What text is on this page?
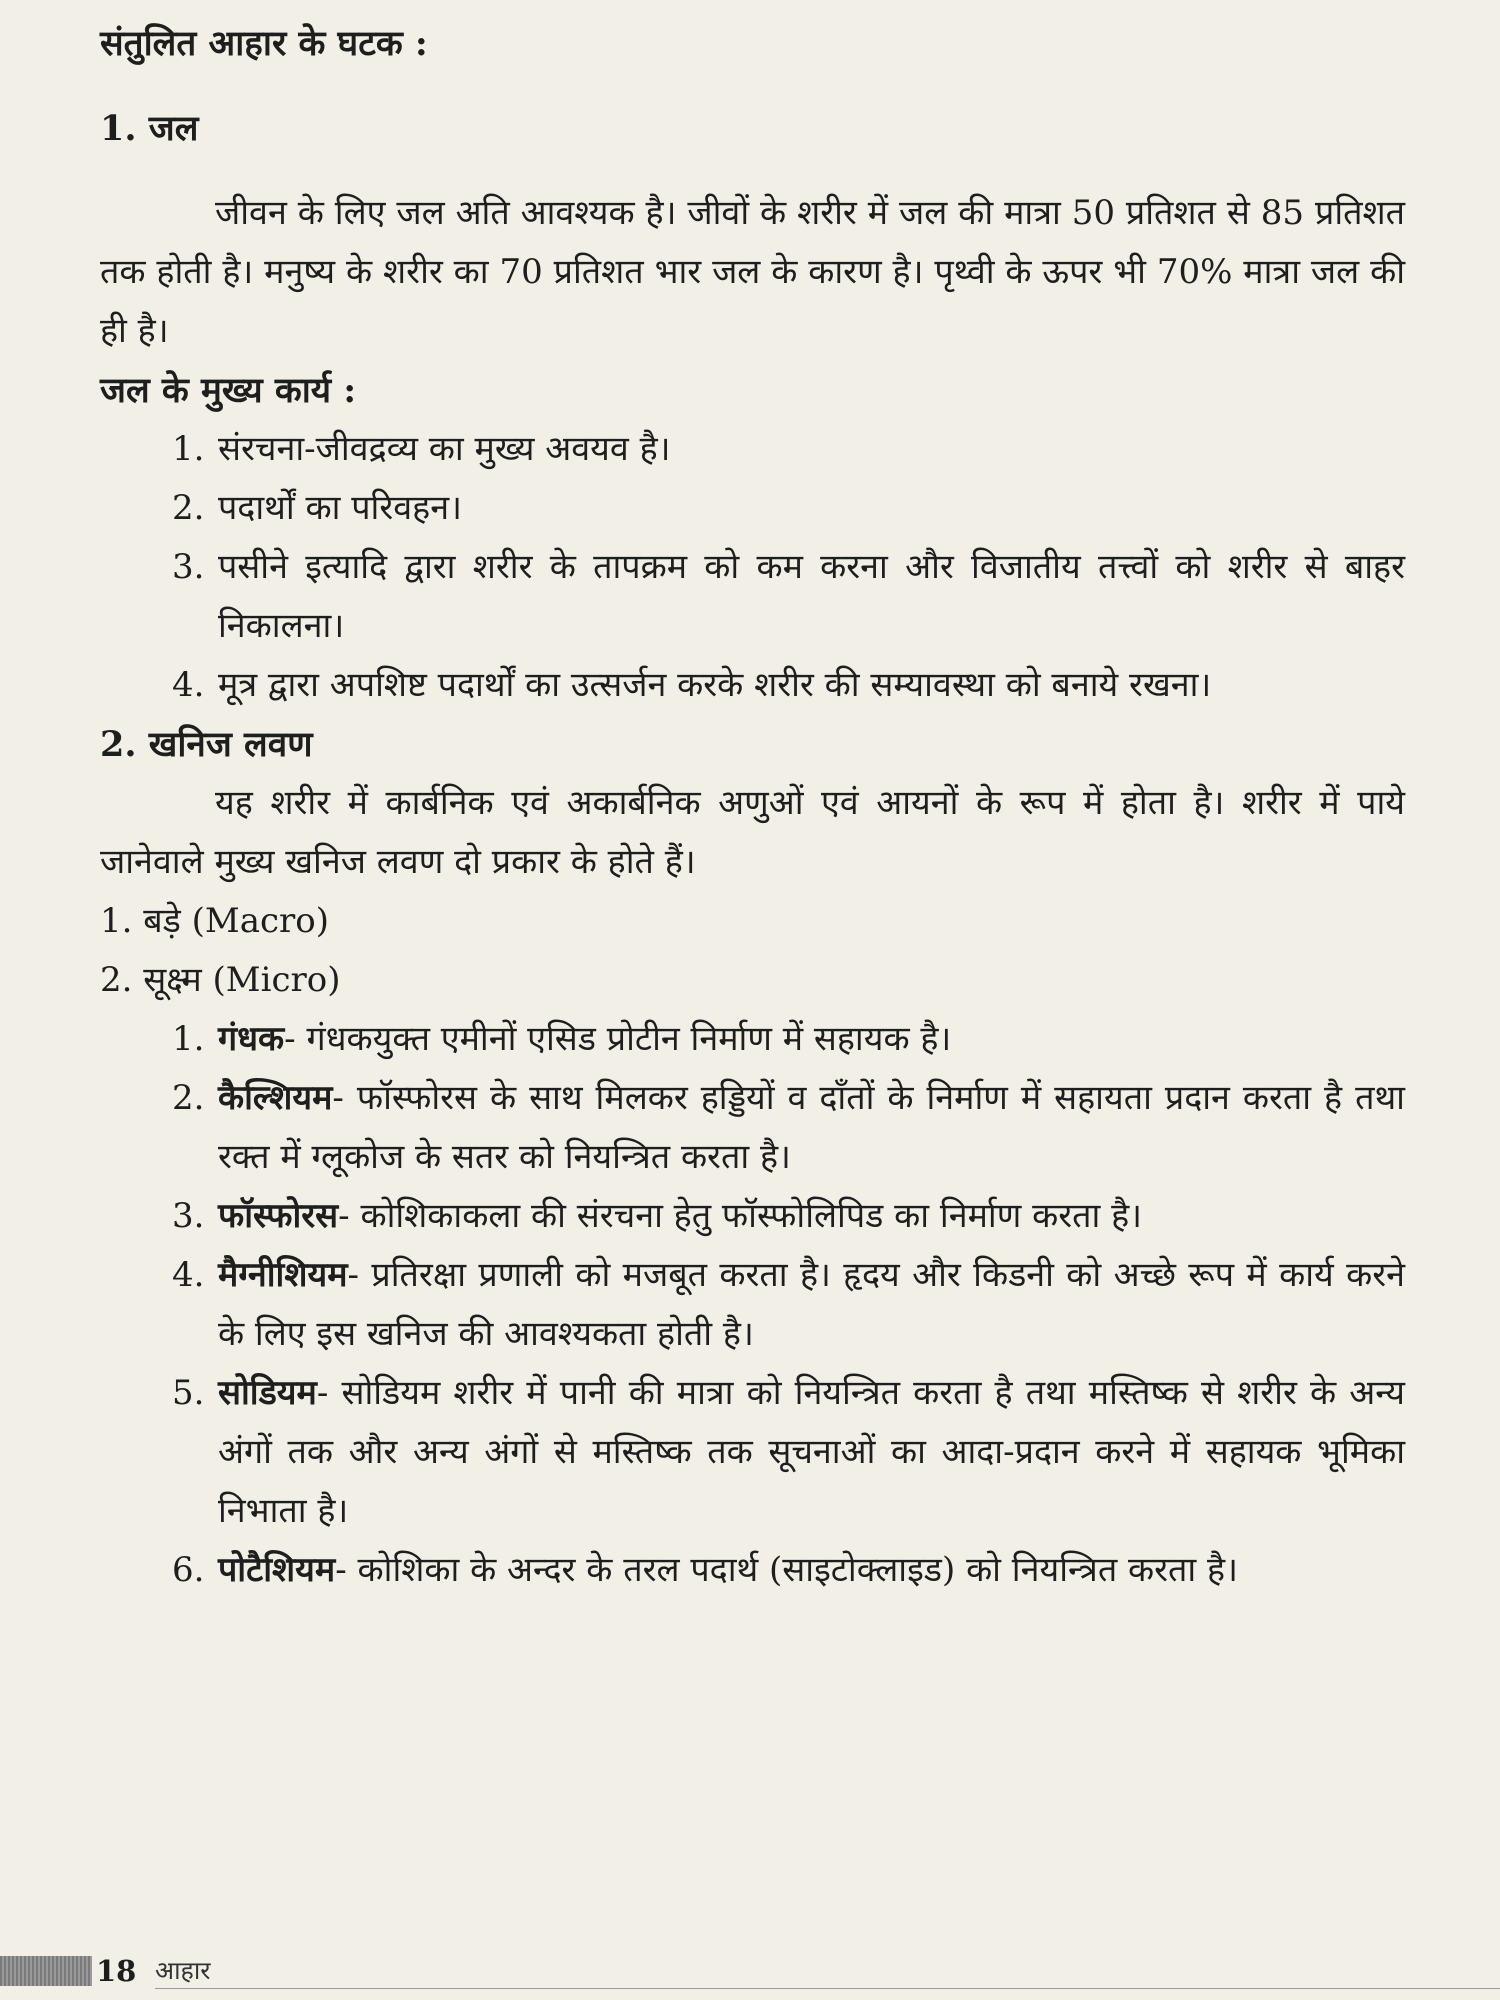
संतुलित आहार के घटक :
1. जल
जीवन के लिए जल अति आवश्यक है। जीवों के शरीर में जल की मात्रा 50 प्रतिशत से 85 प्रतिशत तक होती है। मनुष्य के शरीर का 70 प्रतिशत भार जल के कारण है। पृथ्वी के ऊपर भी 70% मात्रा जल की ही है।
जल के मुख्य कार्य :
1. संरचना-जीवद्रव्य का मुख्य अवयव है।
2. पदार्थों का परिवहन।
3. पसीने इत्यादि द्वारा शरीर के तापक्रम को कम करना और विजातीय तत्त्वों को शरीर से बाहर निकालना।
4. मूत्र द्वारा अपशिष्ट पदार्थों का उत्सर्जन करके शरीर की सम्यावस्था को बनाये रखना।
2. खनिज लवण
यह शरीर में कार्बनिक एवं अकार्बनिक अणुओं एवं आयनों के रूप में होता है। शरीर में पाये जानेवाले मुख्य खनिज लवण दो प्रकार के होते हैं।
1. बड़े (Macro)
2. सूक्ष्म (Micro)
1. गंधक- गंधकयुक्त एमीनों एसिड प्रोटीन निर्माण में सहायक है।
2. कैल्शियम- फॉस्फोरस के साथ मिलकर हड्डियों व दाँतों के निर्माण में सहायता प्रदान करता है तथा रक्त में ग्लूकोज के सतर को नियन्त्रित करता है।
3. फॉस्फोरस- कोशिकाकला की संरचना हेतु फॉस्फोलिपिड का निर्माण करता है।
4. मैग्नीशियम- प्रतिरक्षा प्रणाली को मजबूत करता है। हृदय और किडनी को अच्छे रूप में कार्य करने के लिए इस खनिज की आवश्यकता होती है।
5. सोडियम- सोडियम शरीर में पानी की मात्रा को नियन्त्रित करता है तथा मस्तिष्क से शरीर के अन्य अंगों तक और अन्य अंगों से मस्तिष्क तक सूचनाओं का आदा-प्रदान करने में सहायक भूमिका निभाता है।
6. पोटैशियम- कोशिका के अन्दर के तरल पदार्थ (साइटोक्लाइड) को नियन्त्रित करता है।
18 आहार
